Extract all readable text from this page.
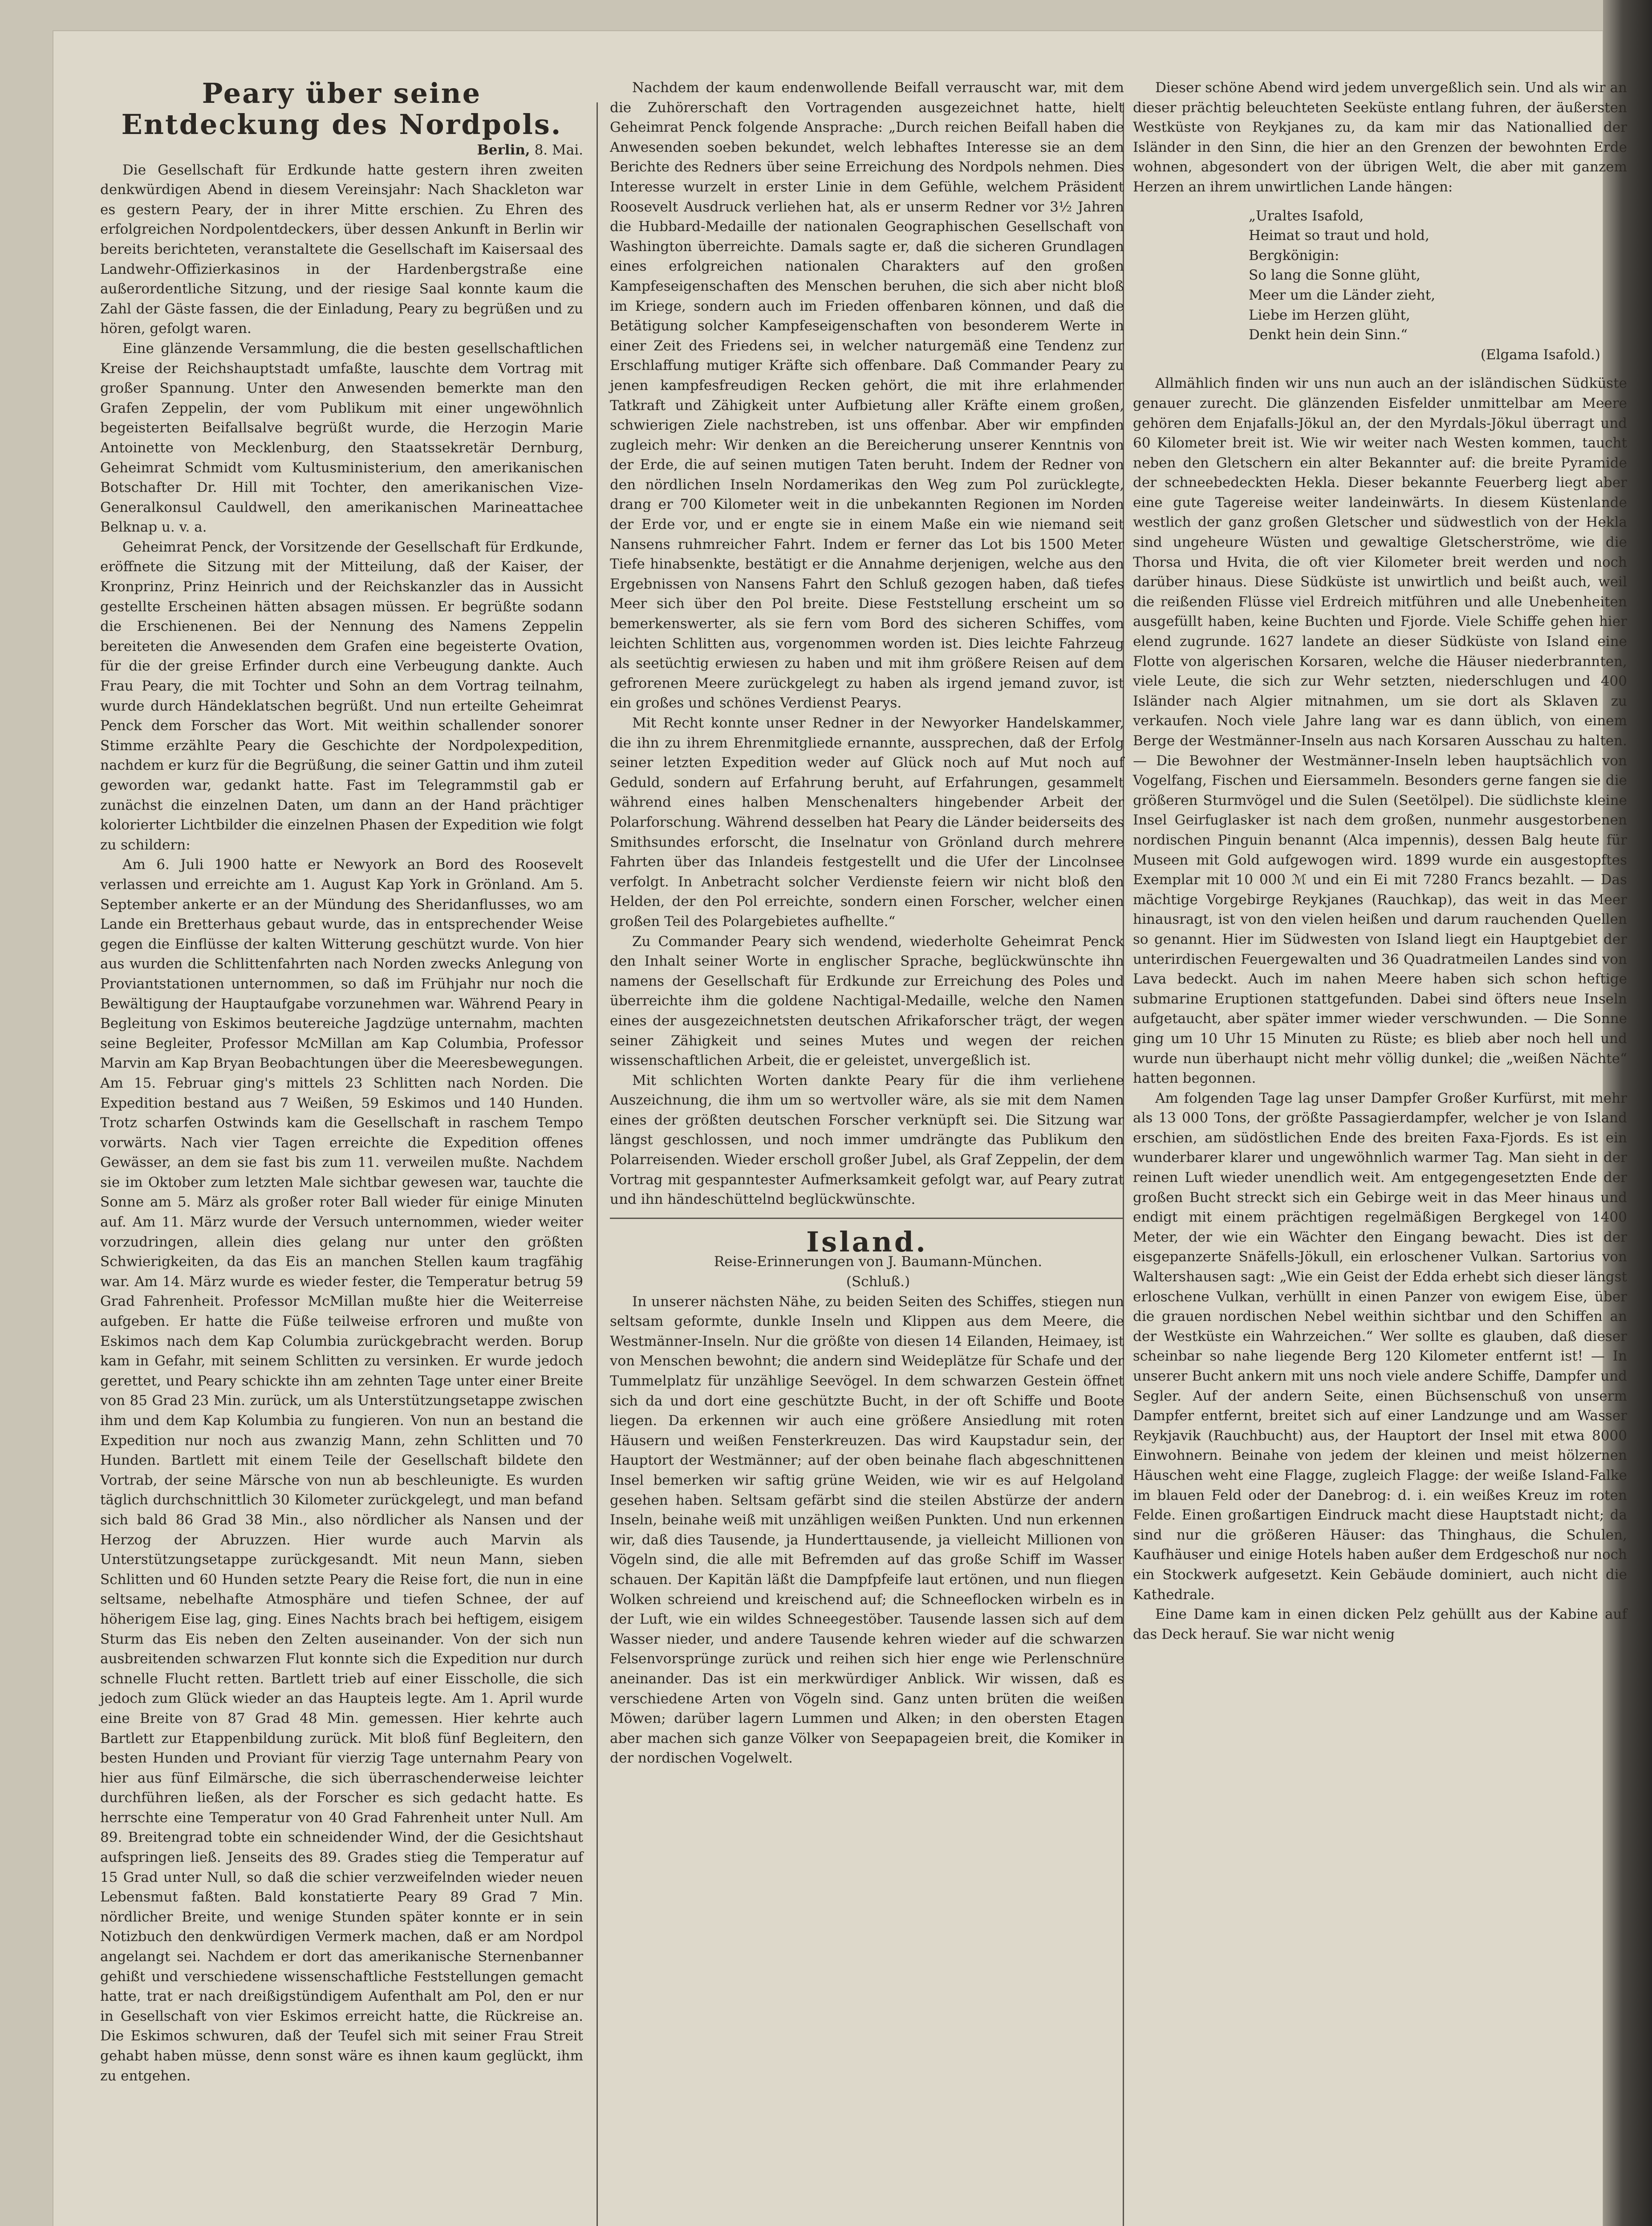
Peary über seine Entdeckung des Nordpols.

Berlin, 8. Mai.

Die Gesellschaft für Erdkunde hatte gestern ihren zweiten denkwürdigen Abend in diesem Vereinsjahr: Nach Shackleton war es gestern Peary, der in ihrer Mitte erschien. Zu Ehren des erfolgreichen Nordpolentdeckers, über dessen Ankunft in Berlin wir bereits berichteten, veranstaltete die Gesellschaft im Kaisersaal des Landwehr-Offizierkasinos in der Hardenbergstraße eine außerordentliche Sitzung, und der riesige Saal konnte kaum die Zahl der Gäste fassen, die der Einladung, Peary zu begrüßen und zu hören, gefolgt waren.

Eine glänzende Versammlung, die die besten gesellschaftlichen Kreise der Reichshauptstadt umfaßte, lauschte dem Vortrag mit großer Spannung. Unter den Anwesenden bemerkte man den Grafen Zeppelin, der vom Publikum mit einer ungewöhnlich begeisterten Beifallsalve begrüßt wurde, die Herzogin Marie Antoinette von Mecklenburg, den Staatssekretär Dernburg, Geheimrat Schmidt vom Kultusministerium, den amerikanischen Botschafter Dr. Hill mit Tochter, den amerikanischen Vize-Generalkonsul Cauldwell, den amerikanischen Marineattachee Belknap u. v. a.

Geheimrat Penck, der Vorsitzende der Gesellschaft für Erdkunde, eröffnete die Sitzung mit der Mitteilung, daß der Kaiser, der Kronprinz, Prinz Heinrich und der Reichskanzler das in Aussicht gestellte Erscheinen hätten absagen müssen. Er begrüßte sodann die Erschienenen. Bei der Nennung des Namens Zeppelin bereiteten die Anwesenden dem Grafen eine begeisterte Ovation, für die der greise Erfinder durch eine Verbeugung dankte. Auch Frau Peary, die mit Tochter und Sohn an dem Vortrag teilnahm, wurde durch Händeklatschen begrüßt. Und nun erteilte Geheimrat Penck dem Forscher das Wort. Mit weithin schallender sonorer Stimme erzählte Peary die Geschichte der Nordpolexpedition, nachdem er kurz für die Begrüßung, die seiner Gattin und ihm zuteil geworden war, gedankt hatte. Fast im Telegrammstil gab er zunächst die einzelnen Daten, um dann an der Hand prächtiger kolorierter Lichtbilder die einzelnen Phasen der Expedition wie folgt zu schildern:

Am 6. Juli 1900 hatte er Newyork an Bord des Roosevelt verlassen und erreichte am 1. August Kap York in Grönland. Am 5. September ankerte er an der Mündung des Sheridanflusses, wo am Lande ein Bretterhaus gebaut wurde, das in entsprechender Weise gegen die Einflüsse der kalten Witterung geschützt wurde. Von hier aus wurden die Schlittenfahrten nach Norden zwecks Anlegung von Proviantstationen unternommen, so daß im Frühjahr nur noch die Bewältigung der Hauptaufgabe vorzunehmen war. Während Peary in Begleitung von Eskimos beutereiche Jagdzüge unternahm, machten seine Begleiter, Professor McMillan am Kap Columbia, Professor Marvin am Kap Bryan Beobachtungen über die Meeresbewegungen. Am 15. Februar ging's mittels 23 Schlitten nach Norden. Die Expedition bestand aus 7 Weißen, 59 Eskimos und 140 Hunden. Trotz scharfen Ostwinds kam die Gesellschaft in raschem Tempo vorwärts. Nach vier Tagen erreichte die Expedition offenes Gewässer, an dem sie fast bis zum 11. verweilen mußte. Nachdem sie im Oktober zum letzten Male sichtbar gewesen war, tauchte die Sonne am 5. März als großer roter Ball wieder für einige Minuten auf. Am 11. März wurde der Versuch unternommen, wieder weiter vorzudringen, allein dies gelang nur unter den größten Schwierigkeiten, da das Eis an manchen Stellen kaum tragfähig war. Am 14. März wurde es wieder fester, die Temperatur betrug 59 Grad Fahrenheit. Professor McMillan mußte hier die Weiterreise aufgeben. Er hatte die Füße teilweise erfroren und mußte von Eskimos nach dem Kap Columbia zurückgebracht werden. Borup kam in Gefahr, mit seinem Schlitten zu versinken. Er wurde jedoch gerettet, und Peary schickte ihn am zehnten Tage unter einer Breite von 85 Grad 23 Min. zurück, um als Unterstützungsetappe zwischen ihm und dem Kap Kolumbia zu fungieren. Von nun an bestand die Expedition nur noch aus zwanzig Mann, zehn Schlitten und 70 Hunden. Bartlett mit einem Teile der Gesellschaft bildete den Vortrab, der seine Märsche von nun ab beschleunigte. Es wurden täglich durchschnittlich 30 Kilometer zurückgelegt, und man befand sich bald 86 Grad 38 Min., also nördlicher als Nansen und der Herzog der Abruzzen. Hier wurde auch Marvin als Unterstützungsetappe zurückgesandt. Mit neun Mann, sieben Schlitten und 60 Hunden setzte Peary die Reise fort, die nun in eine seltsame, nebelhafte Atmosphäre und tiefen Schnee, der auf höherigem Eise lag, ging. Eines Nachts brach bei heftigem, eisigem Sturm das Eis neben den Zelten auseinander. Von der sich nun ausbreitenden schwarzen Flut konnte sich die Expedition nur durch schnelle Flucht retten. Bartlett trieb auf einer Eisscholle, die sich jedoch zum Glück wieder an das Haupteis legte. Am 1. April wurde eine Breite von 87 Grad 48 Min. gemessen. Hier kehrte auch Bartlett zur Etappenbildung zurück. Mit bloß fünf Begleitern, den besten Hunden und Proviant für vierzig Tage unternahm Peary von hier aus fünf Eilmärsche, die sich überraschenderweise leichter durchführen ließen, als der Forscher es sich gedacht hatte. Es herrschte eine Temperatur von 40 Grad Fahrenheit unter Null. Am 89. Breitengrad tobte ein schneidender Wind, der die Gesichtshaut aufspringen ließ. Jenseits des 89. Grades stieg die Temperatur auf 15 Grad unter Null, so daß die schier verzweifelnden wieder neuen Lebensmut faßten. Bald konstatierte Peary 89 Grad 7 Min. nördlicher Breite, und wenige Stunden später konnte er in sein Notizbuch den denkwürdigen Vermerk machen, daß er am Nordpol angelangt sei. Nachdem er dort das amerikanische Sternenbanner gehißt und verschiedene wissenschaftliche Feststellungen gemacht hatte, trat er nach dreißigstündigem Aufenthalt am Pol, den er nur in Gesellschaft von vier Eskimos erreicht hatte, die Rückreise an. Die Eskimos schwuren, daß der Teufel sich mit seiner Frau Streit gehabt haben müsse, denn sonst wäre es ihnen kaum geglückt, ihm zu entgehen.

Nachdem der kaum endenwollende Beifall verrauscht war, mit dem die Zuhörerschaft den Vortragenden ausgezeichnet hatte, hielt Geheimrat Penck folgende Ansprache: „Durch reichen Beifall haben die Anwesenden soeben bekundet, welch lebhaftes Interesse sie an dem Berichte des Redners über seine Erreichung des Nordpols nehmen. Dies Interesse wurzelt in erster Linie in dem Gefühle, welchem Präsident Roosevelt Ausdruck verliehen hat, als er unserm Redner vor 3½ Jahren die Hubbard-Medaille der nationalen Geographischen Gesellschaft von Washington überreichte. Damals sagte er, daß die sicheren Grundlagen eines erfolgreichen nationalen Charakters auf den großen Kampfeseigenschaften des Menschen beruhen, die sich aber nicht bloß im Kriege, sondern auch im Frieden offenbaren können, und daß die Betätigung solcher Kampfeseigenschaften von besonderem Werte in einer Zeit des Friedens sei, in welcher naturgemäß eine Tendenz zur Erschlaffung mutiger Kräfte sich offenbare. Daß Commander Peary zu jenen kampfesfreudigen Recken gehört, die mit ihre erlahmender Tatkraft und Zähigkeit unter Aufbietung aller Kräfte einem großen, schwierigen Ziele nachstreben, ist uns offenbar. Aber wir empfinden zugleich mehr: Wir denken an die Bereicherung unserer Kenntnis von der Erde, die auf seinen mutigen Taten beruht. Indem der Redner von den nördlichen Inseln Nordamerikas den Weg zum Pol zurücklegte, drang er 700 Kilometer weit in die unbekannten Regionen im Norden der Erde vor, und er engte sie in einem Maße ein wie niemand seit Nansens ruhmreicher Fahrt. Indem er ferner das Lot bis 1500 Meter Tiefe hinabsenkte, bestätigt er die Annahme derjenigen, welche aus den Ergebnissen von Nansens Fahrt den Schluß gezogen haben, daß tiefes Meer sich über den Pol breite. Diese Feststellung erscheint um so bemerkenswerter, als sie fern vom Bord des sicheren Schiffes, vom leichten Schlitten aus, vorgenommen worden ist. Dies leichte Fahrzeug als seetüchtig erwiesen zu haben und mit ihm größere Reisen auf dem gefrorenen Meere zurückgelegt zu haben als irgend jemand zuvor, ist ein großes und schönes Verdienst Pearys.

Mit Recht konnte unser Redner in der Newyorker Handelskammer, die ihn zu ihrem Ehrenmitgliede ernannte, aussprechen, daß der Erfolg seiner letzten Expedition weder auf Glück noch auf Mut noch auf Geduld, sondern auf Erfahrung beruht, auf Erfahrungen, gesammelt während eines halben Menschenalters hingebender Arbeit der Polarforschung. Während desselben hat Peary die Länder beiderseits des Smithsundes erforscht, die Inselnatur von Grönland durch mehrere Fahrten über das Inlandeis festgestellt und die Ufer der Lincolnsee verfolgt. In Anbetracht solcher Verdienste feiern wir nicht bloß den Helden, der den Pol erreichte, sondern einen Forscher, welcher einen großen Teil des Polargebietes aufhellte.“

Zu Commander Peary sich wendend, wiederholte Geheimrat Penck den Inhalt seiner Worte in englischer Sprache, beglückwünschte ihn namens der Gesellschaft für Erdkunde zur Erreichung des Poles und überreichte ihm die goldene Nachtigal-Medaille, welche den Namen eines der ausgezeichnetsten deutschen Afrikaforscher trägt, der wegen seiner Zähigkeit und seines Mutes und wegen der reichen wissenschaftlichen Arbeit, die er geleistet, unvergeßlich ist.

Mit schlichten Worten dankte Peary für die ihm verliehene Auszeichnung, die ihm um so wertvoller wäre, als sie mit dem Namen eines der größten deutschen Forscher verknüpft sei. Die Sitzung war längst geschlossen, und noch immer umdrängte das Publikum den Polarreisenden. Wieder erscholl großer Jubel, als Graf Zeppelin, der dem Vortrag mit gespanntester Aufmerksamkeit gefolgt war, auf Peary zutrat und ihn händeschüttelnd beglückwünschte.

Island.

Reise-Erinnerungen von J. Baumann-München.

(Schluß.)

In unserer nächsten Nähe, zu beiden Seiten des Schiffes, stiegen nun seltsam geformte, dunkle Inseln und Klippen aus dem Meere, die Westmänner-Inseln. Nur die größte von diesen 14 Eilanden, Heimaey, ist von Menschen bewohnt; die andern sind Weideplätze für Schafe und der Tummelplatz für unzählige Seevögel. In dem schwarzen Gestein öffnet sich da und dort eine geschützte Bucht, in der oft Schiffe und Boote liegen. Da erkennen wir auch eine größere Ansiedlung mit roten Häusern und weißen Fensterkreuzen. Das wird Kaupstadur sein, der Hauptort der Westmänner; auf der oben beinahe flach abgeschnittenen Insel bemerken wir saftig grüne Weiden, wie wir es auf Helgoland gesehen haben. Seltsam gefärbt sind die steilen Abstürze der andern Inseln, beinahe weiß mit unzähligen weißen Punkten. Und nun erkennen wir, daß dies Tausende, ja Hunderttausende, ja vielleicht Millionen von Vögeln sind, die alle mit Befremden auf das große Schiff im Wasser schauen. Der Kapitän läßt die Dampfpfeife laut ertönen, und nun fliegen Wolken schreiend und kreischend auf; die Schneeflocken wirbeln es in der Luft, wie ein wildes Schneegestöber. Tausende lassen sich auf dem Wasser nieder, und andere Tausende kehren wieder auf die schwarzen Felsenvorsprünge zurück und reihen sich hier enge wie Perlenschnüre aneinander. Das ist ein merkwürdiger Anblick. Wir wissen, daß es verschiedene Arten von Vögeln sind. Ganz unten brüten die weißen Möwen; darüber lagern Lummen und Alken; in den obersten Etagen aber machen sich ganze Völker von Seepapageien breit, die Komiker in der nordischen Vogelwelt.

Dieser schöne Abend wird jedem unvergeßlich sein. Und als wir an dieser prächtig beleuchteten Seeküste entlang fuhren, der äußersten Westküste von Reykjanes zu, da kam mir das Nationallied der Isländer in den Sinn, die hier an den Grenzen der bewohnten Erde wohnen, abgesondert von der übrigen Welt, die aber mit ganzem Herzen an ihrem unwirtlichen Lande hängen:

„Uraltes Isafold,
Heimat so traut und hold,
Bergkönigin:
So lang die Sonne glüht,
Meer um die Länder zieht,
Liebe im Herzen glüht,
Denkt hein dein Sinn.“
(Elgama Isafold.)

Allmählich finden wir uns nun auch an der isländischen Südküste genauer zurecht. Die glänzenden Eisfelder unmittelbar am Meere gehören dem Enjafalls-Jökul an, der den Myrdals-Jökul überragt und 60 Kilometer breit ist. Wie wir weiter nach Westen kommen, taucht neben den Gletschern ein alter Bekannter auf: die breite Pyramide der schneebedeckten Hekla. Dieser bekannte Feuerberg liegt aber eine gute Tagereise weiter landeinwärts. In diesem Küstenlande westlich der ganz großen Gletscher und südwestlich von der Hekla sind ungeheure Wüsten und gewaltige Gletscherströme, wie die Thorsa und Hvita, die oft vier Kilometer breit werden und noch darüber hinaus. Diese Südküste ist unwirtlich und beißt auch, weil die reißenden Flüsse viel Erdreich mitführen und alle Unebenheiten ausgefüllt haben, keine Buchten und Fjorde. Viele Schiffe gehen hier elend zugrunde. 1627 landete an dieser Südküste von Island eine Flotte von algerischen Korsaren, welche die Häuser niederbrannten, viele Leute, die sich zur Wehr setzten, niederschlugen und 400 Isländer nach Algier mitnahmen, um sie dort als Sklaven zu verkaufen. Noch viele Jahre lang war es dann üblich, von einem Berge der Westmänner-Inseln aus nach Korsaren Ausschau zu halten. — Die Bewohner der Westmänner-Inseln leben hauptsächlich von Vogelfang, Fischen und Eiersammeln. Besonders gerne fangen sie die größeren Sturmvögel und die Sulen (Seetölpel). Die südlichste kleine Insel Geirfuglasker ist nach dem großen, nunmehr ausgestorbenen nordischen Pinguin benannt (Alca impennis), dessen Balg heute für Museen mit Gold aufgewogen wird. 1899 wurde ein ausgestopftes Exemplar mit 10 000 ℳ und ein Ei mit 7280 Francs bezahlt. — Das mächtige Vorgebirge Reykjanes (Rauchkap), das weit in das Meer hinausragt, ist von den vielen heißen und darum rauchenden Quellen so genannt. Hier im Südwesten von Island liegt ein Hauptgebiet der unterirdischen Feuergewalten und 36 Quadratmeilen Landes sind von Lava bedeckt. Auch im nahen Meere haben sich schon heftige submarine Eruptionen stattgefunden. Dabei sind öfters neue Inseln aufgetaucht, aber später immer wieder verschwunden. — Die Sonne ging um 10 Uhr 15 Minuten zu Rüste; es blieb aber noch hell und wurde nun überhaupt nicht mehr völlig dunkel; die „weißen Nächte“ hatten begonnen.

Am folgenden Tage lag unser Dampfer Großer Kurfürst, mit mehr als 13 000 Tons, der größte Passagierdampfer, welcher je von Island erschien, am südöstlichen Ende des breiten Faxa-Fjords. Es ist ein wunderbarer klarer und ungewöhnlich warmer Tag. Man sieht in der reinen Luft wieder unendlich weit. Am entgegengesetzten Ende der großen Bucht streckt sich ein Gebirge weit in das Meer hinaus und endigt mit einem prächtigen regelmäßigen Bergkegel von 1400 Meter, der wie ein Wächter den Eingang bewacht. Dies ist der eisgepanzerte Snäfells-Jökull, ein erloschener Vulkan. Sartorius von Waltershausen sagt: „Wie ein Geist der Edda erhebt sich dieser längst erloschene Vulkan, verhüllt in einen Panzer von ewigem Eise, über die grauen nordischen Nebel weithin sichtbar und den Schiffen an der Westküste ein Wahrzeichen.“ Wer sollte es glauben, daß dieser scheinbar so nahe liegende Berg 120 Kilometer entfernt ist! — In unserer Bucht ankern mit uns noch viele andere Schiffe, Dampfer und Segler. Auf der andern Seite, einen Büchsenschuß von unserm Dampfer entfernt, breitet sich auf einer Landzunge und am Wasser Reykjavik (Rauchbucht) aus, der Hauptort der Insel mit etwa 8000 Einwohnern. Beinahe von jedem der kleinen und meist hölzernen Häuschen weht eine Flagge, zugleich Flagge: der weiße Island-Falke im blauen Feld oder der Danebrog: d. i. ein weißes Kreuz im roten Felde. Einen großartigen Eindruck macht diese Hauptstadt nicht; da sind nur die größeren Häuser: das Thinghaus, die Schulen, Kaufhäuser und einige Hotels haben außer dem Erdgeschoß nur noch ein Stockwerk aufgesetzt. Kein Gebäude dominiert, auch nicht die Kathedrale.

Eine Dame kam in einen dicken Pelz gehüllt aus der Kabine auf das Deck herauf. Sie war nicht wenig
